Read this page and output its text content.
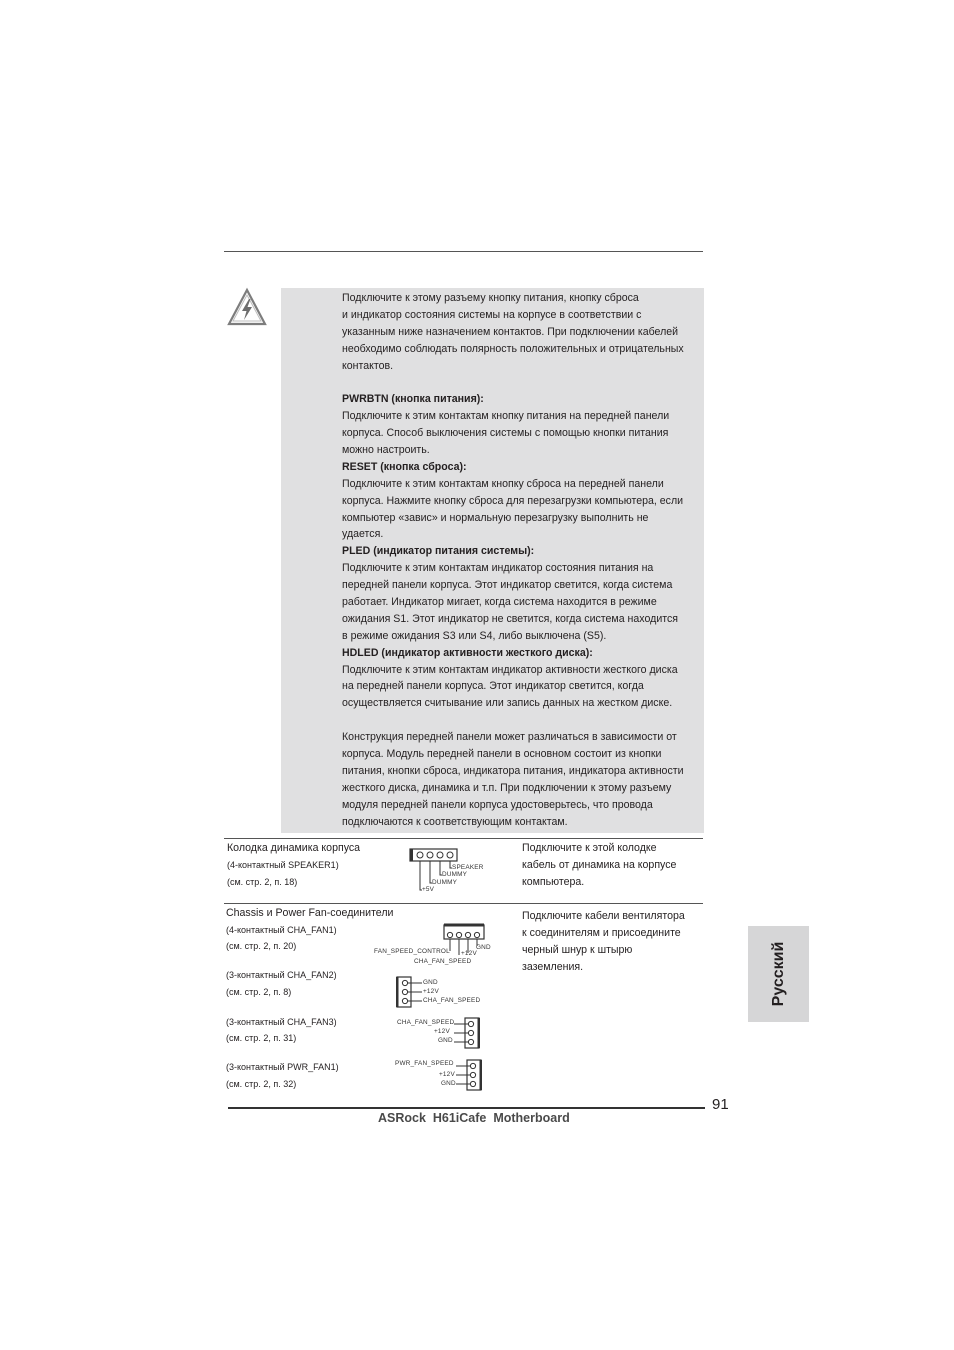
Подключите к этому разъему кнопку питания, кнопку сброса
и индикатор состояния системы на корпусе в соответствии с
указанным ниже назначением контактов. При подключении кабелей
необходимо соблюдать полярность положительных и отрицательных
контактов.
PWRBTN (кнопка питания):
Подключите к этим контактам кнопку питания на передней панели
корпуса. Способ выключения системы с помощью кнопки питания
можно настроить.
RESET (кнопка сброса):
Подключите к этим контактам кнопку сброса на передней панели
корпуса. Нажмите кнопку сброса для перезагрузки компьютера, если
компьютер «завис» и нормальную перезагрузку выполнить не
удается.
PLED (индикатор питания системы):
Подключите к этим контактам индикатор состояния питания на
передней панели корпуса. Этот индикатор светится, когда система
работает. Индикатор мигает, когда система находится в режиме
ожидания S1. Этот индикатор не светится, когда система находится
в режиме ожидания S3 или S4, либо выключена (S5).
HDLED (индикатор активности жесткого диска):
Подключите к этим контактам индикатор активности жесткого диска
на передней панели корпуса. Этот индикатор светится, когда
осуществляется считывание или запись данных на жестком диске.
Конструкция передней панели может различаться в зависимости от
корпуса. Модуль передней панели в основном состоит из кнопки
питания, кнопки сброса, индикатора питания, индикатора активности
жесткого диска, динамика и т.п. При подключении к этому разъему
модуля передней панели корпуса удостоверьтесь, что провода
подключаются к соответствующим контактам.
Колодка динамика корпуса
(4-контактный SPEAKER1)
(см. стр. 2, п. 18)
SPEAKER
DUMMY
DUMMY
+5V
Подключите к этой колодке
кабель от динамика на корпусе
компьютера.
Chassis и Power Fan-соединители
(4-контактный CHA_FAN1)
(см. стр. 2, п. 20)
FAN_SPEED_CONTROL +12V
GND
CHA_FAN_SPEED
(3-контактный CHA_FAN2)
(см. стр. 2, п. 8)
GND
+12V
CHA_FAN_SPEED
(3-контактный CHA_FAN3)
(см. стр. 2, п. 31)
CHA_FAN_SPEED
+12V
GND
(3-контактный PWR_FAN1)
(см. стр. 2, п. 32)
PWR_FAN_SPEED
+12V
GND
Подключите кабели вентилятора
к соединителям и присоедините
черный шнур к штырю
заземления.	Русский
91
ASRock  H61iCafe  Motherboard
